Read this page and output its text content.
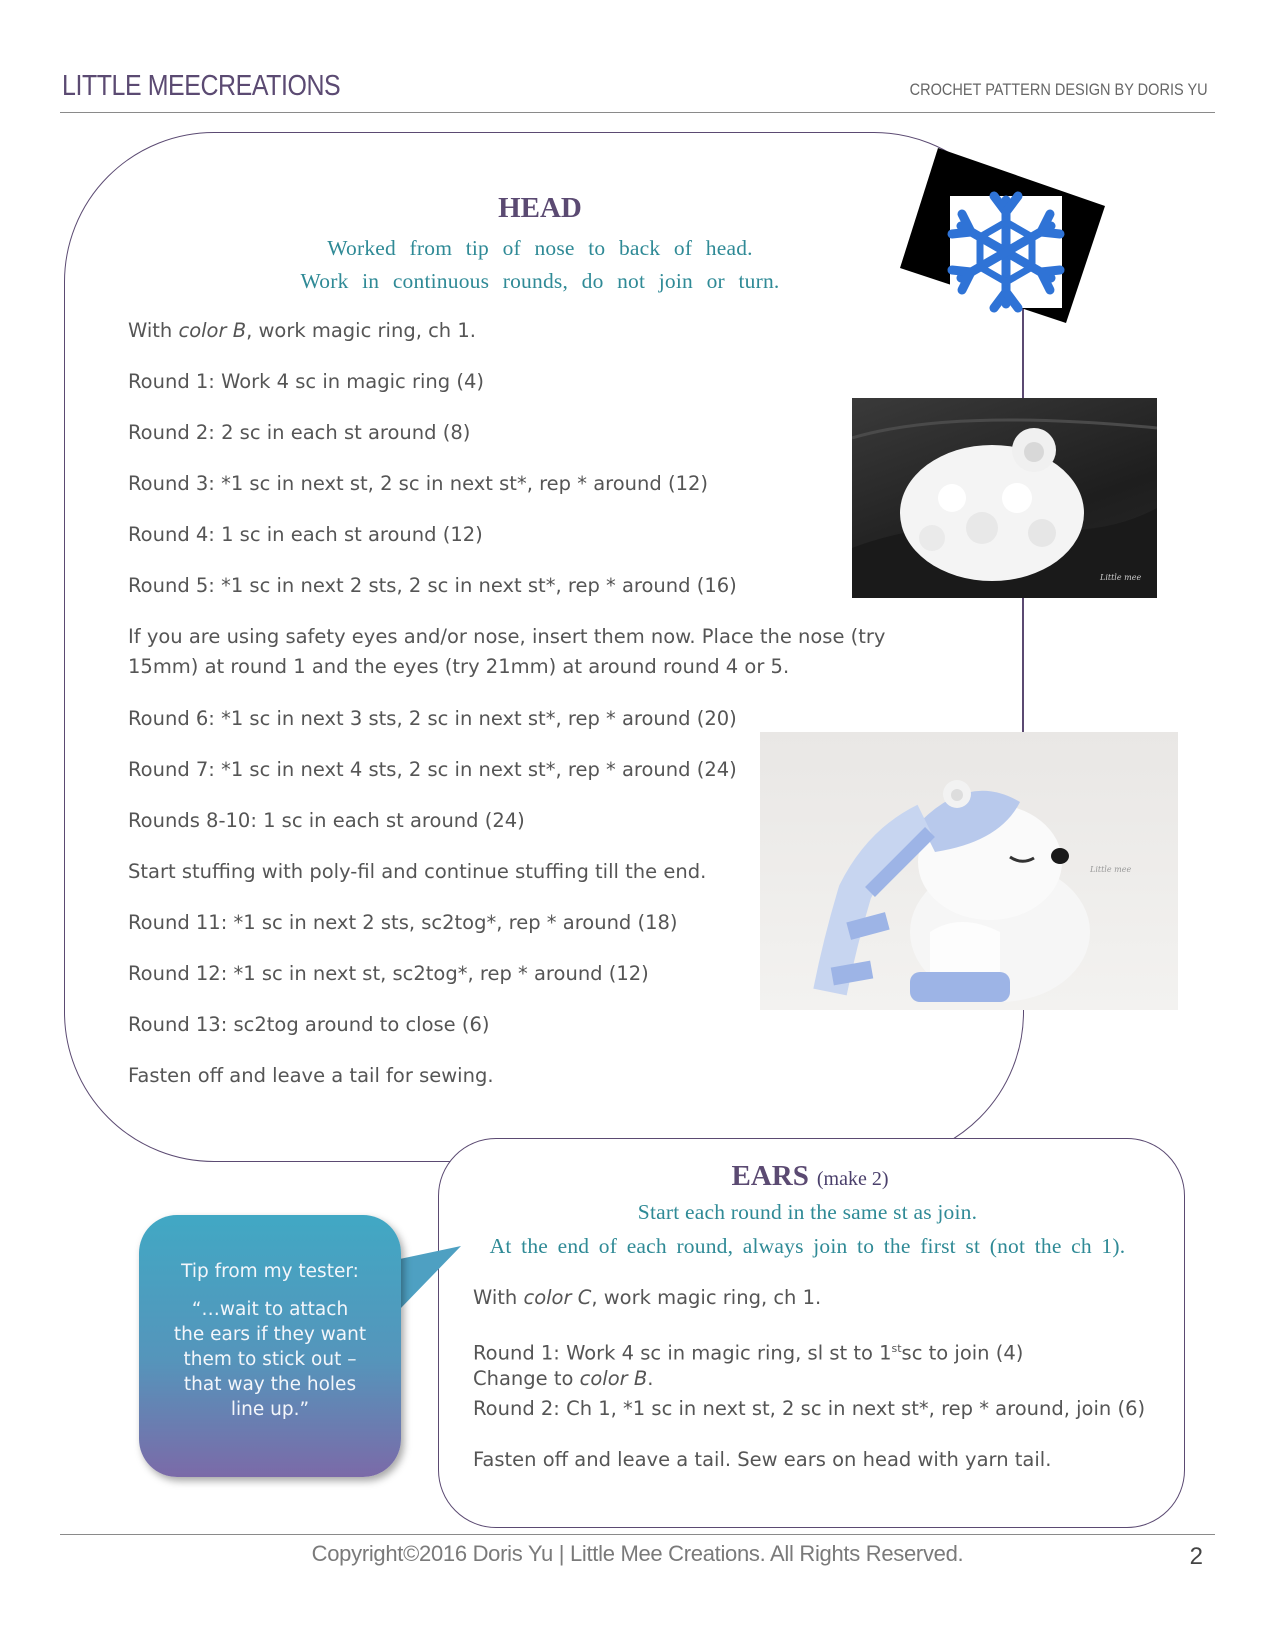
LITTLE MEECREATIONS	CROCHET PATTERN DESIGN BY DORIS YU
HEAD
Worked from tip of nose to back of head.
Work in continuous rounds, do not join or turn.
With color B, work magic ring, ch 1.
Round 1: Work 4 sc in magic ring (4)
Round 2: 2 sc in each st around (8)
Round 3: *1 sc in next st, 2 sc in next st*, rep * around (12)
Round 4: 1 sc in each st around (12)
Round 5: *1 sc in next 2 sts, 2 sc in next st*, rep * around (16)
If you are using safety eyes and/or nose, insert them now. Place the nose (try 15mm) at round 1 and the eyes (try 21mm) at around round 4 or 5.
Round 6: *1 sc in next 3 sts, 2 sc in next st*, rep * around (20)
Round 7: *1 sc in next 4 sts, 2 sc in next st*, rep * around (24)
Rounds 8-10: 1 sc in each st around (24)
Start stuffing with poly-fil and continue stuffing till the end.
Round 11: *1 sc in next 2 sts, sc2tog*, rep * around (18)
Round 12: *1 sc in next st, sc2tog*, rep * around (12)
Round 13: sc2tog around to close (6)
Fasten off and leave a tail for sewing.
Little mee
Little mee
EARS (make 2)
Start each round in the same st as join.
At the end of each round, always join to the first st (not the ch 1).
With color C, work magic ring, ch 1.
Round 1: Work 4 sc in magic ring, sl st to 1stsc to join (4)
Change to color B.
Round 2: Ch 1, *1 sc in next st, 2 sc in next st*, rep * around, join (6)
Fasten off and leave a tail. Sew ears on head with yarn tail.
Tip from my tester:
“…wait to attach
the ears if they want
them to stick out –
that way the holes
line up.”
Copyright©2016 Doris Yu | Little Mee Creations. All Rights Reserved.	2
